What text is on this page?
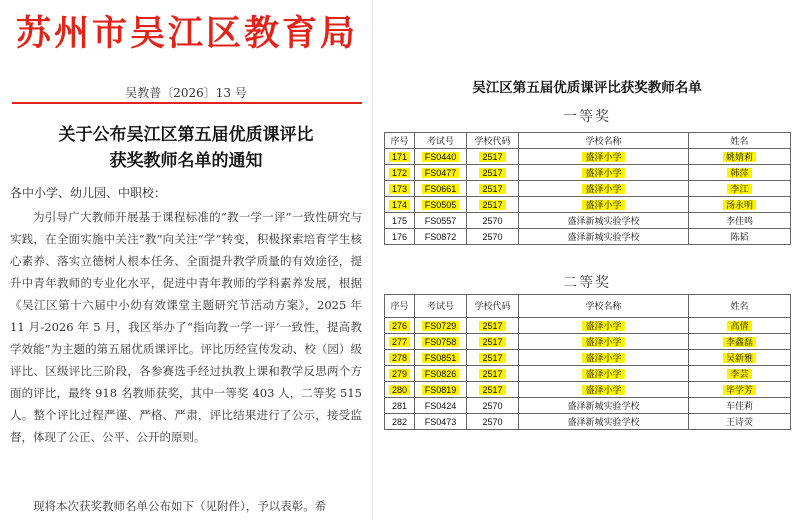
苏州市吴江区教育局
吴教普〔2026〕13 号
关于公布吴江区第五届优质课评比
获奖教师名单的通知
各中小学、幼儿园、中职校：

为引导广大教师开展基于课程标准的“教一学一评”一致性研究与实践，在全面实施中关注“教”向关注“学”转变，积极探索培育学生核心素养、落实立德树人根本任务、全面提升教学质量的有效途径，提升中青年教师的专业化水平，促进中青年教师的学科素养发展，根据《吴江区第十六届中小幼有效课堂主题研究节活动方案》，2025 年 11 月-2026 年 5 月，我区举办了“指向教一学一评’一致性，提高教学效能”为主题的第五届优质课评比。评比历经宣传发动、校（园）级评比、区级评比三阶段，各参赛选手经过执教上课和教学反思两个方面的评比，最终 918 名教师获奖，其中一等奖 403 人，二等奖 515 人。整个评比过程严谨、严格、严肃，评比结果进行了公示，接受监督，体现了公正、公平、公开的原则。

现将本次获奖教师名单公布如下（见附件），予以表彰。希

吴江区第五届优质课评比获奖教师名单
一等奖
序号	考试号	学校代码	学校名称	姓名
171	FS0440	2517	盛泽小学	姚婧莉
172	FS0477	2517	盛泽小学	韩萍
173	FS0661	2517	盛泽小学	李江
174	FS0505	2517	盛泽小学	汤永明
175	FS0557	2570	盛泽新城实验学校	李佳鸣
176	FS0872	2570	盛泽新城实验学校	陈韬
二等奖
序号	考试号	学校代码	学校名称	姓名
276	FS0729	2517	盛泽小学	高倩
277	FS0758	2517	盛泽小学	李鑫磊
278	FS0851	2517	盛泽小学	吴新雅
279	FS0826	2517	盛泽小学	李芸
280	FS0819	2517	盛泽小学	毕学芳
281	FS0424	2570	盛泽新城实验学校	车佳莉
282	FS0473	2570	盛泽新城实验学校	王诗荧
